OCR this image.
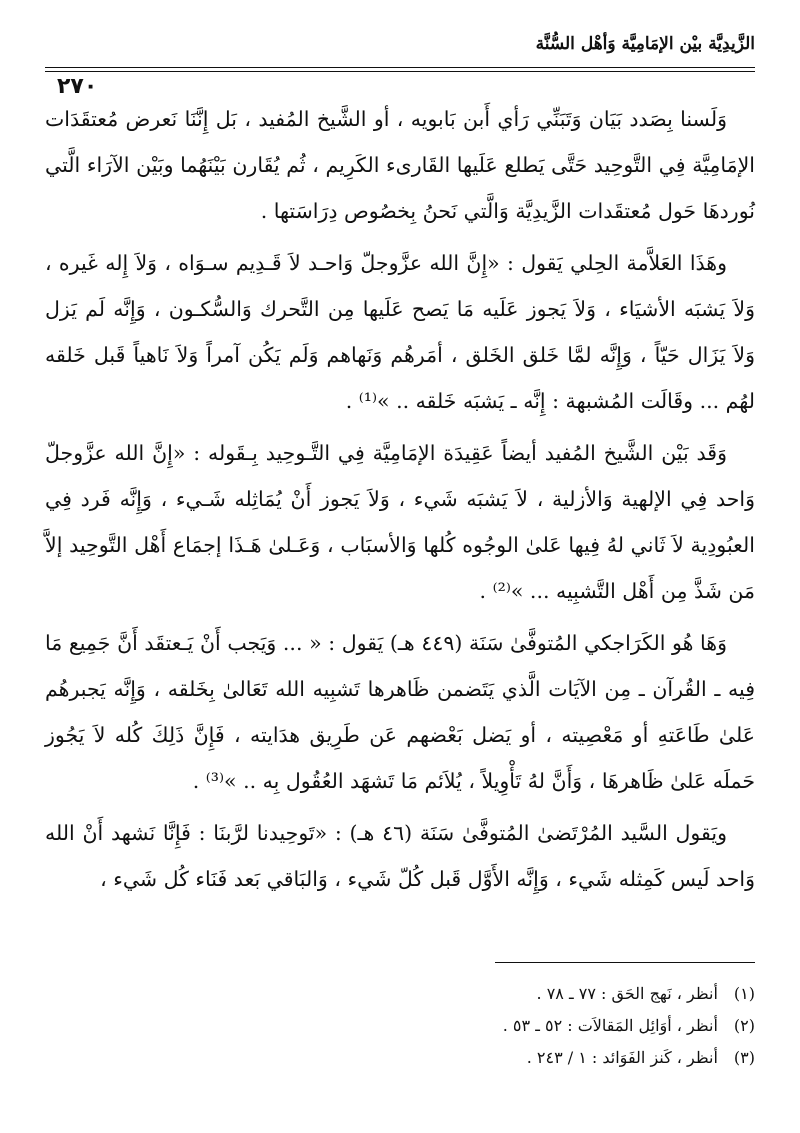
الزَّيدِيَّة بيْن الإمَامِيَّة وَأهْل السُّنَّة
٢٧٠

وَلَسنا بِصَدد بَيَان وَتَبَنِّي رَأي أَبن بَابويه ، أو الشَّيخ المُفيد ، بَل إِنَّنَا نَعرض مُعتقَدَات الإمَامِيَّة فِي التَّوحِيد حَتَّى يَطلع عَلَيها القَارىء الكَرِيم ، ثُم يُقَارن بَيْنَهُما وبَيْن الآرَاء الَّتي نُوردهَا حَول مُعتقَدات الزَّيدِيَّة وَالَّتي نَحنُ بِخصُوص دِرَاسَتها .

وهَذَا العَلاَّمة الحِلي يَقول : «إِنَّ الله عزَّوجلّ وَاحـد لاَ قَـدِيم سـوَاه ، وَلاَ إِله غَيره ، وَلاَ يَشبَه الأشيَاء ، وَلاَ يَجوز عَلَيه مَا يَصح عَلَيها مِن التَّحرك وَالسُّكـون ، وَإِنَّه لَم يَزل وَلاَ يَزَال حَيّاً ، وَإِنَّه لمَّا خَلق الخَلق ، أمَرهُم وَنَهاهم وَلَم يَكُن آمراً وَلاَ نَاهياً قَبل خَلقه لهُم ... وقَالَت المُشبهة : إِنَّه ـ يَشبَه خَلقه .. »⁽¹⁾ .

وَقَد بَيْن الشَّيخ المُفيد أيضاً عَقِيدَة الإمَامِيَّة فِي التَّـوحِيد بِـقَوله : «إِنَّ الله عزَّوجلّ وَاحد فِي الإلهية وَالأزلية ، لاَ يَشبَه شَيء ، وَلاَ يَجوز أَنْ يُمَاثِله شَـيء ، وَإِنَّه فَرد فِي العبُودِية لاَ ثَاني لهُ فِيها عَلىٰ الوجُوه كُلها وَالأسبَاب ، وَعَـلىٰ هَـذَا إجمَاع أَهْل التَّوحِيد إلاَّ مَن شَذَّ مِن أَهْل التَّشبِيه ... »⁽²⁾ .

وَهَا هُو الكَرَاجكي المُتوفَّىٰ سَنَة (٤٤٩ هـ) يَقول : « ... وَيَجب أَنْ يَـعتقَد أَنَّ جَمِيع مَا فِيه ـ القُرآن ـ مِن الآيَات الَّذي يَتَضمن ظَاهرها تَشبِيه الله تَعَالىٰ بِخَلقه ، وَإِنَّه يَجبرهُم عَلىٰ طَاعَتهِ أو مَعْصِيته ، أو يَضل بَعْضهم عَن طَرِيق هدَايته ، فَإِنَّ ذَلِكَ كُله لاَ يَجُوز حَملَه عَلىٰ ظَاهرهَا ، وَأَنَّ لهُ تَأْوِيلاً ، يُلاَئم مَا تَشهَد العُقُول بِه .. »⁽³⁾ .

ويَقول السَّيد المُرْتَضىٰ المُتوفَّىٰ سَنَة (٤٦ هـ) : «تَوحِيدنا لرَّبنَا : فَإِنَّا نَشهد أَنْ الله وَاحد لَيس كَمِثله شَيء ، وَإِنَّه الأَوَّل قَبل كُلّ شَيء ، وَالبَاقي بَعد فَنَاء كُل شَيء ،

(١) أنظر ، نَهج الحَق : ٧٧ ـ ٧٨ .
(٢) أنظر ، أوَائِل المَقالاَت : ٥٢ ـ ٥٣ .
(٣) أنظر ، كَنز الفَوَائد : ١ / ٢٤٣ .
